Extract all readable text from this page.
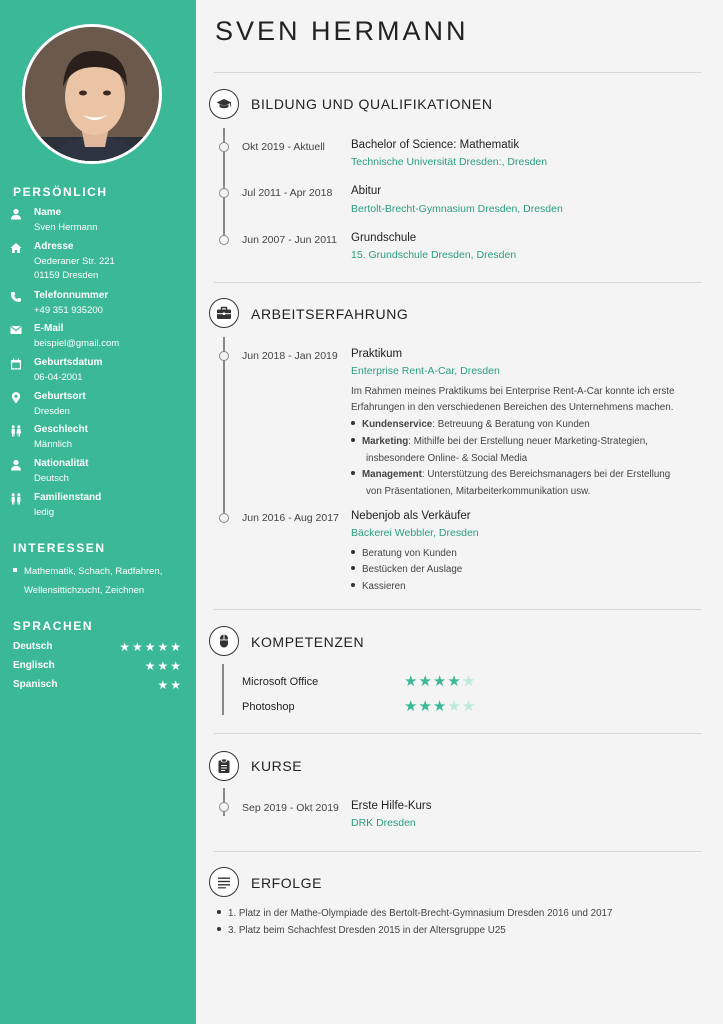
PERSÖNLICH
Name
Sven Hermann
Adresse
Oederaner Str. 221
01159 Dresden
Telefonnummer
+49 351 935200
E-Mail
beispiel@gmail.com
Geburtsdatum
06-04-2001
Geburtsort
Dresden
Geschlecht
Männlich
Nationalität
Deutsch
Familienstand
ledig
INTERESSEN
Mathematik, Schach, Radfahren,
Wellensittichzucht, Zeichnen
SPRACHEN
Deutsch	★★★★★
Englisch	★★★
Spanisch	★★
SVEN HERMANN
BILDUNG UND QUALIFIKATIONEN
Okt 2019 - Aktuell Bachelor of Science: Mathematik
Technische Universität Dresden:, Dresden
Jul 2011 - Apr 2018 Abitur
Bertolt-Brecht-Gymnasium Dresden, Dresden
Jun 2007 - Jun 2011 Grundschule
15. Grundschule Dresden, Dresden
ARBEITSERFAHRUNG
Jun 2018 - Jan 2019 Praktikum
Enterprise Rent-A-Car, Dresden
Im Rahmen meines Praktikums bei Enterprise Rent-A-Car konnte ich erste
Erfahrungen in den verschiedenen Bereichen des Unternehmens machen.
Kundenservice: Betreuung & Beratung von Kunden
Marketing: Mithilfe bei der Erstellung neuer Marketing-Strategien,
insbesondere Online- & Social Media
Management: Unterstützung des Bereichsmanagers bei der Erstellung
von Präsentationen, Mitarbeiterkommunikation usw.
Jun 2016 - Aug 2017 Nebenjob als Verkäufer
Bäckerei Webbler, Dresden
Beratung von Kunden
Bestücken der Auslage
Kassieren
KOMPETENZEN
Microsoft Office	★★★★★
Photoshop	★★★★★
KURSE
Sep 2019 - Okt 2019 Erste Hilfe-Kurs
DRK Dresden
ERFOLGE
1. Platz in der Mathe-Olympiade des Bertolt-Brecht-Gymnasium Dresden 2016 und 2017
3. Platz beim Schachfest Dresden 2015 in der Altersgruppe U25
